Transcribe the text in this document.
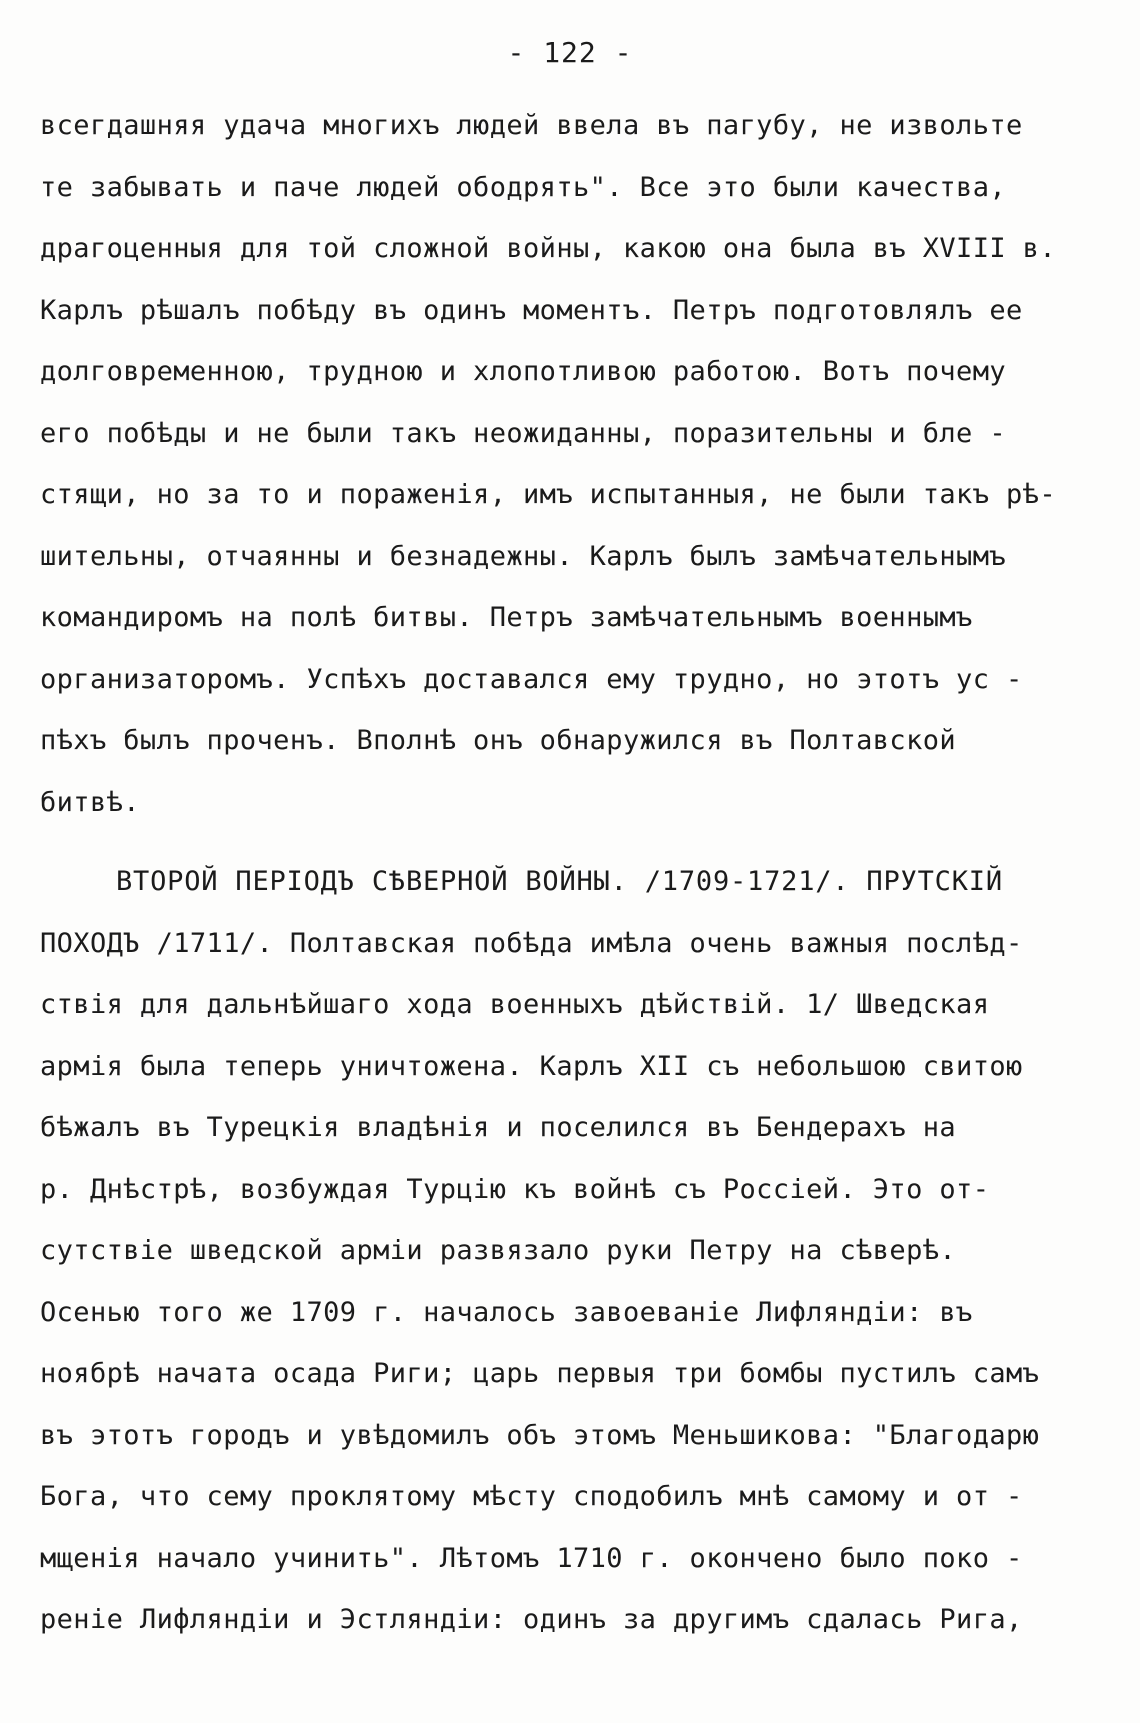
- 122 -
всегдашняя удача многихъ людей ввела въ пагубу, не извольте
те забывать и паче людей ободрять". Все это были качества,
драгоценныя для той сложной войны, какою она была въ XVIII в.
Карлъ рѣшалъ побѣду въ одинъ моментъ. Петръ подготовлялъ ее
долговременною, трудною и хлопотливою работою. Вотъ почему
его побѣды и не были такъ неожиданны, поразительны и бле -
стящи, но за то и пораженія, имъ испытанныя, не были такъ рѣ-
шительны, отчаянны и безнадежны. Карлъ былъ замѣчательнымъ
командиромъ на полѣ битвы. Петръ замѣчательнымъ военнымъ
организаторомъ. Успѣхъ доставался ему трудно, но этотъ ус -
пѣхъ былъ проченъ. Вполнѣ онъ обнаружился въ Полтавской
битвѣ.
ВТОРОЙ ПЕРІОДЪ СѢВЕРНОЙ ВОЙНЫ. /1709-1721/. ПРУТСКІЙ
ПОХОДЪ /1711/. Полтавская побѣда имѣла очень важныя послѣд-
ствія для дальнѣйшаго хода военныхъ дѣйствій. 1/ Шведская
армія была теперь уничтожена. Карлъ XII съ небольшою свитою
бѣжалъ въ Турецкія владѣнія и поселился въ Бендерахъ на
р. Днѣстрѣ, возбуждая Турцію къ войнѣ съ Россіей. Это от-
сутствіе шведской арміи развязало руки Петру на сѣверѣ.
Осенью того же 1709 г. началось завоеваніе Лифляндіи: въ
ноябрѣ начата осада Риги; царь первыя три бомбы пустилъ самъ
въ этотъ городъ и увѣдомилъ объ этомъ Меньшикова: "Благодарю
Бога, что сему проклятому мѣсту сподобилъ мнѣ самому и от -
мщенія начало учинить". Лѣтомъ 1710 г. окончено было поко -
реніе Лифляндіи и Эстляндіи: одинъ за другимъ сдалась Рига,
